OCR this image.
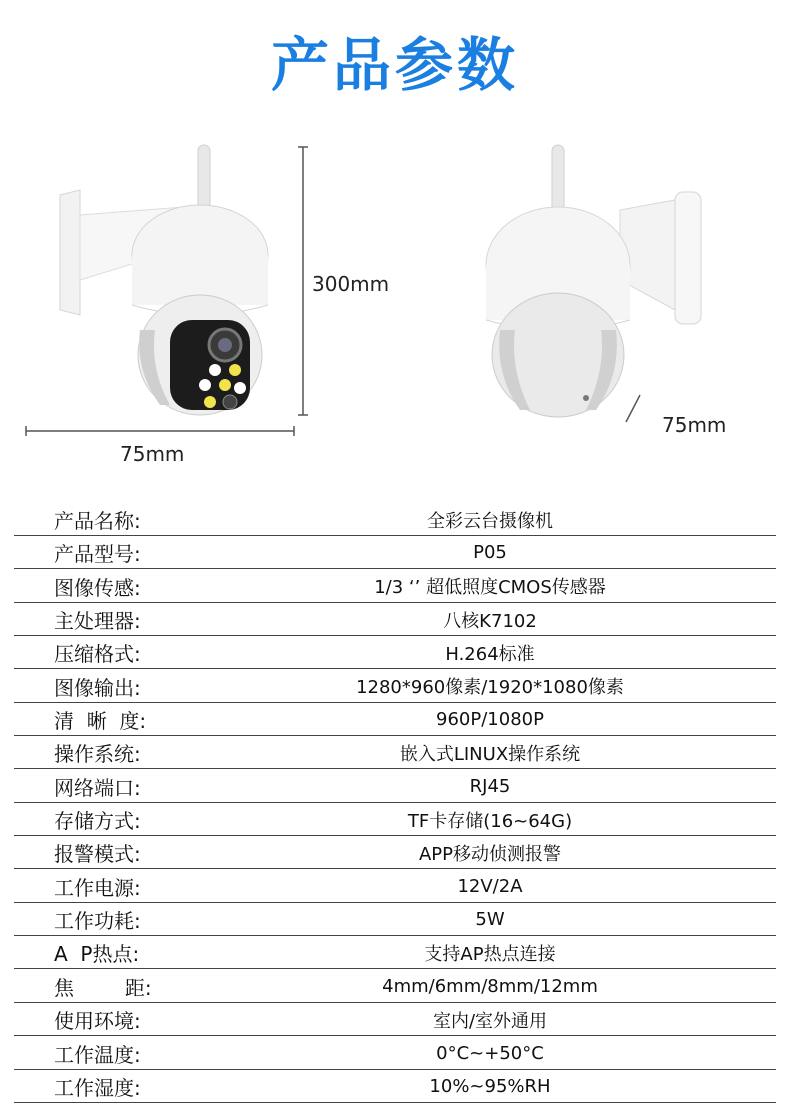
产品参数
300mm
75mm
75mm
产品名称:	全彩云台摄像机
产品型号:	P05
图像传感:	1/3 ‘’ 超低照度CMOS传感器
主处理器:	八核K7102
压缩格式:	H.264标准
图像输出:	1280*960像素/1920*1080像素
清  晰  度:	960P/1080P
操作系统:	嵌入式LINUX操作系统
网络端口:	RJ45
存储方式:	TF卡存储(16~64G)
报警模式:	APP移动侦测报警
工作电源:	12V/2A
工作功耗:	5W
A  P热点:	支持AP热点连接
焦        距:	4mm/6mm/8mm/12mm
使用环境:	室内/室外通用
工作温度:	0°C~+50°C
工作湿度:	10%~95%RH
